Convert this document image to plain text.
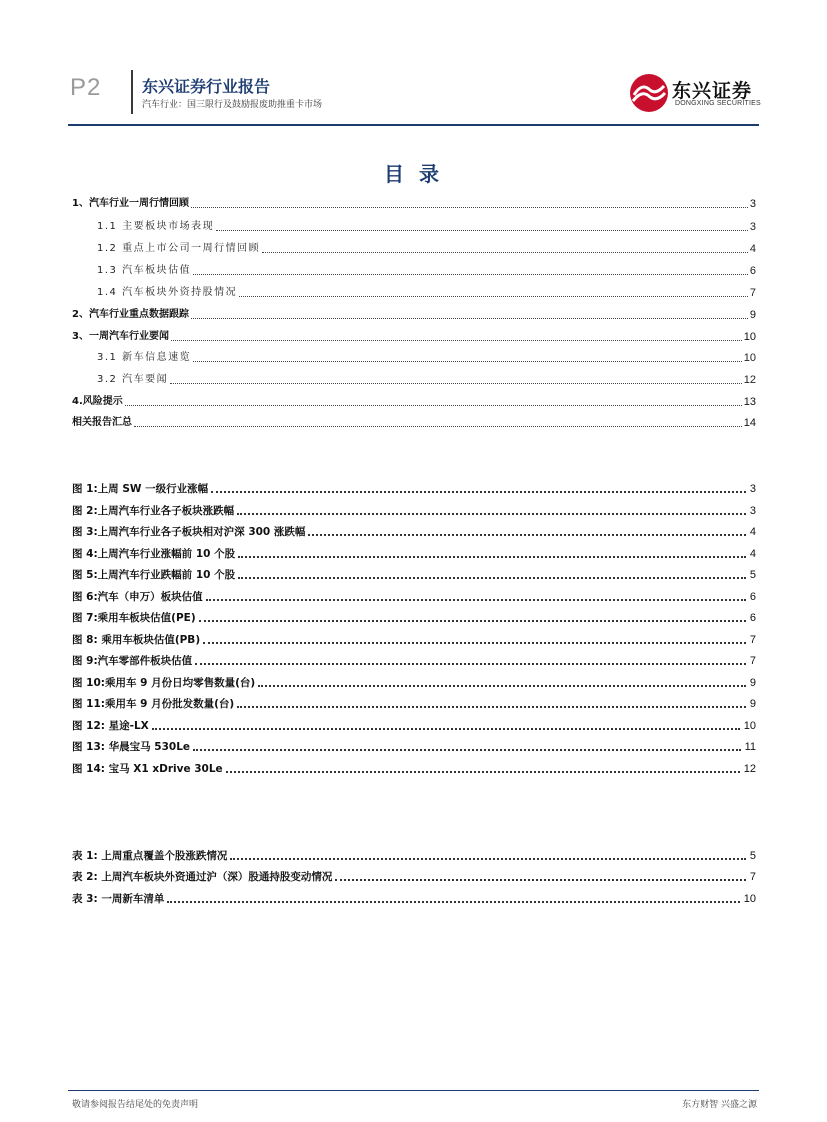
P2	东兴证券行业报告
汽车行业：国三限行及鼓励报废助推重卡市场
东兴证券
DONGXING SECURITIES
目 录
1、汽车行业一周行情回顾	3
1.1 主要板块市场表现	3
1.2 重点上市公司一周行情回顾	4
1.3 汽车板块估值	6
1.4 汽车板块外资持股情况	7
2、汽车行业重点数据跟踪	9
3、一周汽车行业要闻	10
3.1 新车信息速览	10
3.2 汽车要闻	12
4.风险提示	13
相关报告汇总	14
图 1:上周 SW 一级行业涨幅	3
图 2:上周汽车行业各子板块涨跌幅	3
图 3:上周汽车行业各子板块相对沪深 300 涨跌幅	4
图 4:上周汽车行业涨幅前 10 个股	4
图 5:上周汽车行业跌幅前 10 个股	5
图 6:汽车（申万）板块估值	6
图 7:乘用车板块估值(PE)	6
图 8: 乘用车板块估值(PB)	7
图 9:汽车零部件板块估值	7
图 10:乘用车 9 月份日均零售数量(台)	9
图 11:乘用车 9 月份批发数量(台)	9
图 12: 星途-LX	10
图 13: 华晨宝马 530Le	11
图 14: 宝马 X1 xDrive 30Le	12
表 1: 上周重点覆盖个股涨跌情况	5
表 2: 上周汽车板块外资通过沪（深）股通持股变动情况	7
表 3: 一周新车清单	10
敬请参阅报告结尾处的免责声明	东方财智 兴盛之源
